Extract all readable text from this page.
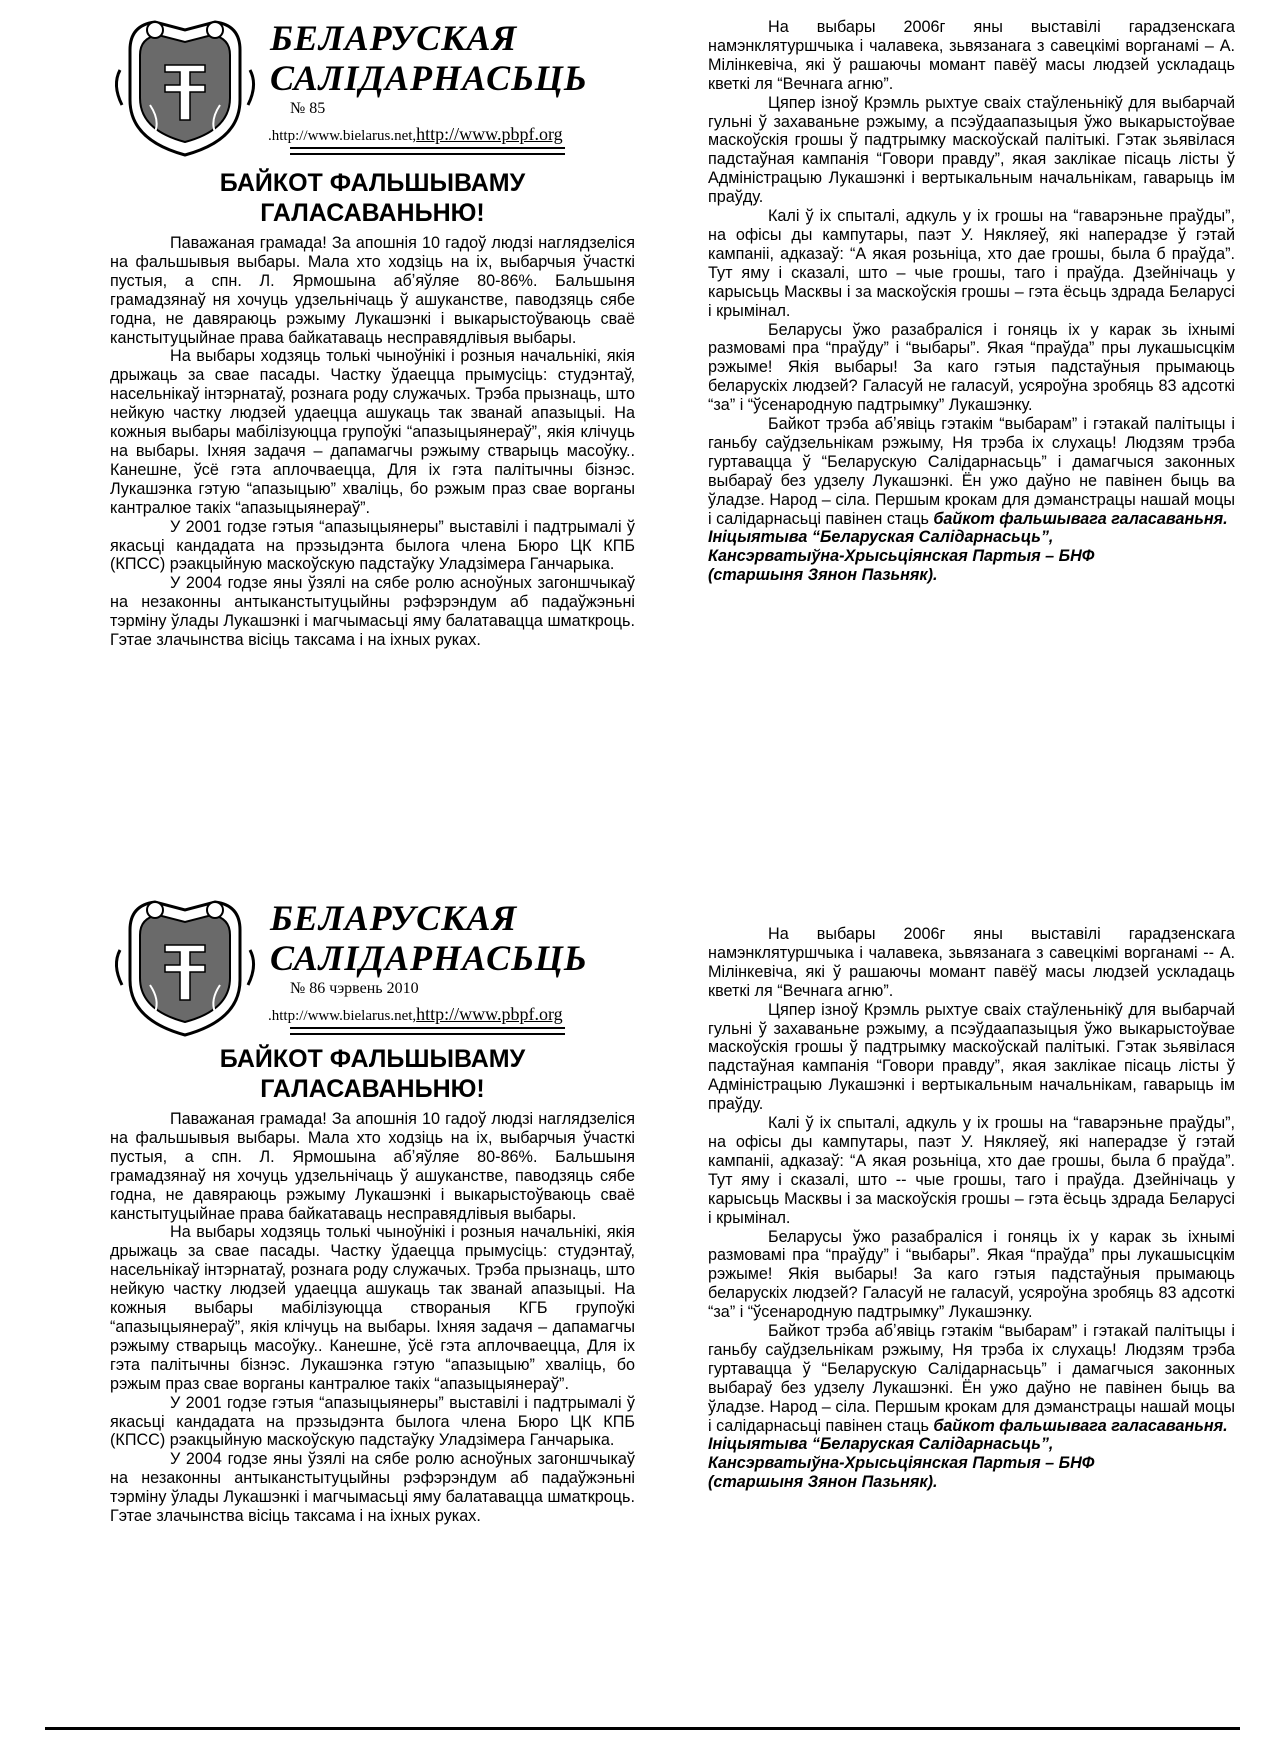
БЕЛАРУСКАЯ
САЛІДАРНАСЬЦЬ
№ 85
.http://www.bielarus.net,http://www.pbpf.org

БАЙКОТ ФАЛЬШЫВАМУ

ГАЛАСАВАНЬНЮ!

Паважаная грамада! За апошнія 10 гадоў людзі наглядзеліся на фальшывыя выбары. Мала хто ходзіць на іх, выбарчыя ўчасткі пустыя, а спн. Л. Ярмошына абʼяўляе 80-86%. Бальшыня грамадзянаў ня хочуць удзельнічаць ў ашуканстве, паводзяць сябе годна, не давяраюць рэжыму Лукашэнкі і выкарыстоўваюць сваё канстытуцыйнае права байкатаваць несправядлівыя выбары.

На выбары ходзяць толькі чыноўнікі і розныя начальнікі, якія дрыжаць за свае пасады. Частку ўдаецца прымусіць: студэнтаў, насельнікаў інтэрнатаў, рознага роду служачых. Трэба прызнаць, што нейкую частку людзей удаецца ашукаць так званай апазыцыі. На кожныя выбары мабілізуюцца групоўкі “апазыцыянераў”, якія клічуць на выбары. Іхняя задачя – дапамагчы рэжыму стварыць масоўку.. Канешне, ўсё гэта аплочваецца, Для іх гэта палітычны бізнэс. Лукашэнка гэтую “апазыцыю” хваліць, бо рэжым праз свае ворганы кантралюе такіх “апазыцыянераў”.

У 2001 годзе гэтыя “апазыцыянеры” выставілі і падтрымалі ў якасьці кандадата на прэзыдэнта былога члена Бюро ЦК КПБ (КПСС) рэакцыйную маскоўскую падстаўку Уладзімера Ганчарыка.

У 2004 годзе яны ўзялі на сябе ролю асноўных загоншчыкаў на незаконны антыканстытуцыйны рэфэрэндум аб падаўжэньні тэрміну ўлады Лукашэнкі і магчымасьці яму балатавацца шматкроць. Гэтае злачынства вісіць таксама і на іхных руках.

На выбары 2006г яны выставілі гарадзенскага намэнклятуршчыка і чалавека, зьвязанага з савецкімі ворганамі – А. Мілінкевіча, які ў рашаючы момант павёў масы людзей ускладаць кветкі ля “Вечнага агню”.

Цяпер ізноў Крэмль рыхтуе сваіх стаўленьнікў для выбарчай гульні ў захаваньне рэжыму, а псэўдаапазыцыя ўжо выкарыстоўвае маскоўскія грошы ў падтрымку маскоўскай палітыкі. Гэтак зьявілася падстаўная кампанія “Говори правду”, якая заклікае пісаць лісты ў Адміністрацыю Лукашэнкі і вертыкальным начальнікам, гаварыць ім праўду.

Калі ў іх спыталі, адкуль у іх грошы на “гаварэньне праўды”, на офісы ды кампутары, паэт У. Някляеў, які наперадзе ў гэтай кампаніі, адказаў: “А якая розьніца, хто дае грошы, была б праўда”. Тут яму і сказалі, што – чые грошы, таго і праўда. Дзейнічаць у карысьць Масквы і за маскоўскія грошы – гэта ёсьць здрада Беларусі і крымінал.

Беларусы ўжо разабраліся і гоняць іх у карак зь іхнымі размовамі пра “праўду” і “выбары”. Якая “праўда” пры лукашысцкім рэжыме! Якія выбары! За каго гэтыя падстаўныя прымаюць беларускіх людзей? Галасуй не галасуй, усяроўна зробяць 83 адсоткі “за” і “ўсенародную падтрымку” Лукашэнку.

Байкот трэба абʼявіць гэтакім “выбарам” і гэтакай палітыцы і ганьбу саўдзельнікам рэжыму, Ня трэба іх слухаць! Людзям трэба гуртавацца ў “Беларускую Салідарнасьць” і дамагчыся законных выбараў без удзелу Лукашэнкі. Ён ужо даўно не павінен быць ва ўладзе. Народ – сіла. Першым крокам для дэманстрацы нашай моцы і салідарнасьці павінен стаць байкот фальшывага галасаваньня.

Ініцыятыва “Беларуская Салідарнасьць”,

Кансэрватыўна-Хрысьціянская Партыя – БНФ

(старшыня Зянон Пазьняк).

БЕЛАРУСКАЯ
САЛІДАРНАСЬЦЬ
№ 86 чэрвень 2010
.http://www.bielarus.net,http://www.pbpf.org

БАЙКОТ ФАЛЬШЫВАМУ

ГАЛАСАВАНЬНЮ!

Паважаная грамада! За апошнія 10 гадоў людзі наглядзеліся на фальшывыя выбары. Мала хто ходзіць на іх, выбарчыя ўчасткі пустыя, а спн. Л. Ярмошына абʼяўляе 80-86%. Бальшыня грамадзянаў ня хочуць удзельнічаць ў ашуканстве, паводзяць сябе годна, не давяраюць рэжыму Лукашэнкі і выкарыстоўваюць сваё канстытуцыйнае права байкатаваць несправядлівыя выбары.

На выбары ходзяць толькі чыноўнікі і розныя начальнікі, якія дрыжаць за свае пасады. Частку ўдаецца прымусіць: студэнтаў, насельнікаў інтэрнатаў, рознага роду служачых. Трэба прызнаць, што нейкую частку людзей удаецца ашукаць так званай апазыцыі. На кожныя выбары мабілізуюцца створаныя КГБ групоўкі “апазыцыянераў”, якія клічуць на выбары. Іхняя задачя – дапамагчы рэжыму стварыць масоўку.. Канешне, ўсё гэта аплочваецца, Для іх гэта палітычны бізнэс. Лукашэнка гэтую “апазыцыю” хваліць, бо рэжым праз свае ворганы кантралюе такіх “апазыцыянераў”.

У 2001 годзе гэтыя “апазыцыянеры” выставілі і падтрымалі ў якасьці кандадата на прэзыдэнта былога члена Бюро ЦК КПБ (КПСС) рэакцыйную маскоўскую падстаўку Уладзімера Ганчарыка.

У 2004 годзе яны ўзялі на сябе ролю асноўных загоншчыкаў на незаконны антыканстытуцыйны рэфэрэндум аб падаўжэньні тэрміну ўлады Лукашэнкі і магчымасьці яму балатавацца шматкроць. Гэтае злачынства вісіць таксама і на іхных руках.

На выбары 2006г яны выставілі гарадзенскага намэнклятуршчыка і чалавека, зьвязанага з савецкімі ворганамі -- А. Мілінкевіча, які ў рашаючы момант павёў масы людзей ускладаць кветкі ля “Вечнага агню”.

Цяпер ізноў Крэмль рыхтуе сваіх стаўленьнікў для выбарчай гульні ў захаваньне рэжыму, а псэўдаапазыцыя ўжо выкарыстоўвае маскоўскія грошы ў падтрымку маскоўскай палітыкі. Гэтак зьявілася падстаўная кампанія “Говори правду”, якая заклікае пісаць лісты ў Адміністрацыю Лукашэнкі і вертыкальным начальнікам, гаварыць ім праўду.

Калі ў іх спыталі, адкуль у іх грошы на “гаварэньне праўды”, на офісы ды кампутары, паэт У. Някляеў, які наперадзе ў гэтай кампаніі, адказаў: “А якая розьніца, хто дае грошы, была б праўда”. Тут яму і сказалі, што -- чые грошы, таго і праўда. Дзейнічаць у карысьць Масквы і за маскоўскія грошы – гэта ёсьць здрада Беларусі і крымінал.

Беларусы ўжо разабраліся і гоняць іх у карак зь іхнымі размовамі пра “праўду” і “выбары”. Якая “праўда” пры лукашысцкім рэжыме! Якія выбары! За каго гэтыя падстаўныя прымаюць беларускіх людзей? Галасуй не галасуй, усяроўна зробяць 83 адсоткі “за” і “ўсенародную падтрымку” Лукашэнку.

Байкот трэба абʼявіць гэтакім “выбарам” і гэтакай палітыцы і ганьбу саўдзельнікам рэжыму, Ня трэба іх слухаць! Людзям трэба гуртавацца ў “Беларускую Салідарнасьць” і дамагчыся законных выбараў без удзелу Лукашэнкі. Ён ужо даўно не павінен быць ва ўладзе. Народ – сіла. Першым крокам для дэманстрацы нашай моцы і салідарнасьці павінен стаць байкот фальшывага галасаваньня.

Ініцыятыва “Беларуская Салідарнасьць”,

Кансэрватыўна-Хрысьціянская Партыя – БНФ

(старшыня Зянон Пазьняк).
